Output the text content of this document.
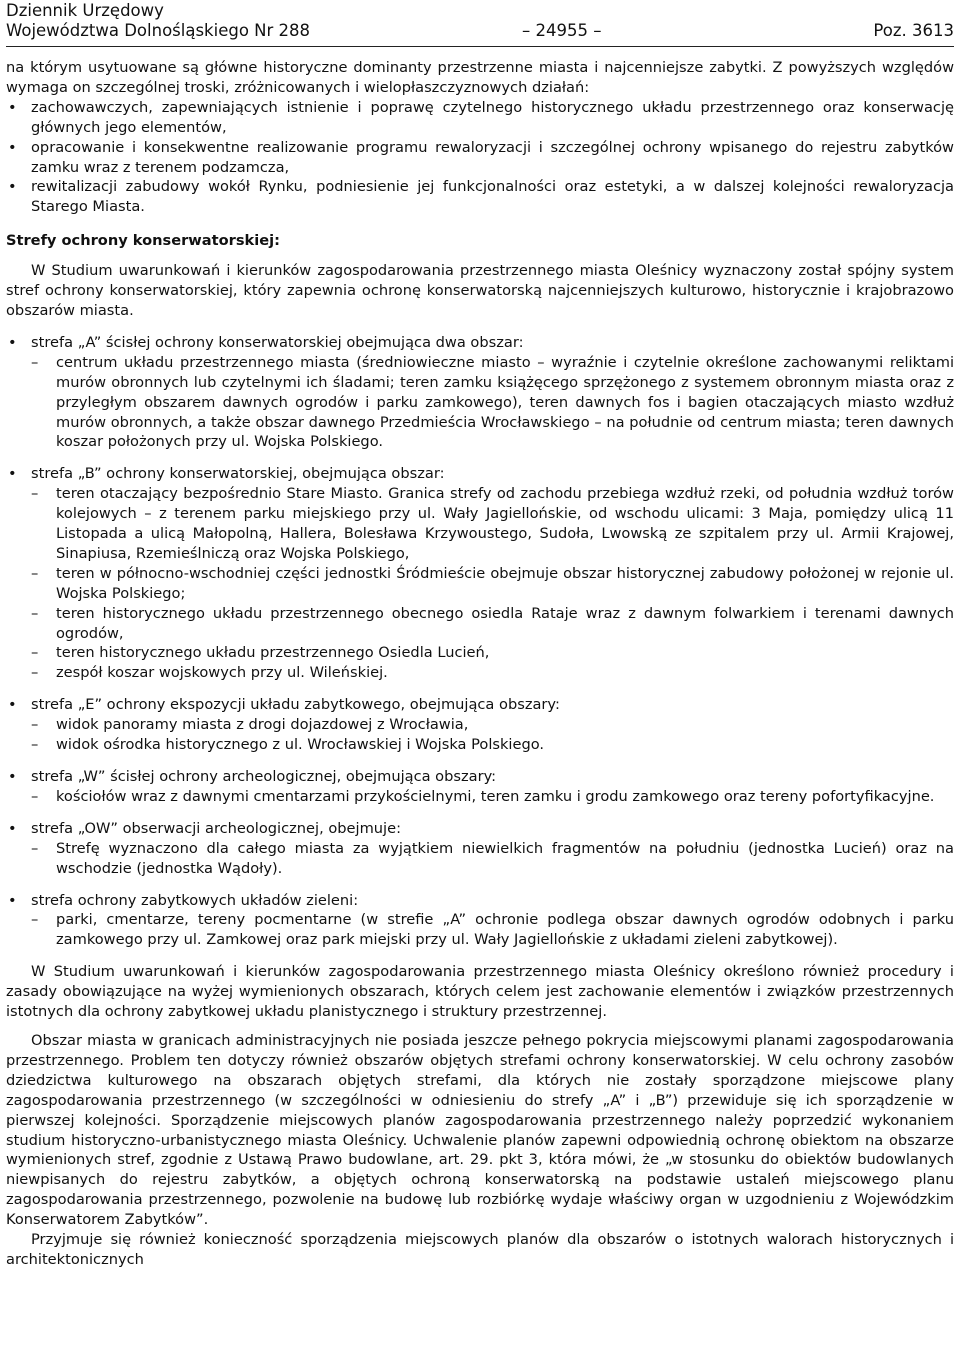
Dziennik Urzędowy
Województwa Dolnośląskiego Nr 288	– 24955 –	Poz. 3613

na którym usytuowane są główne historyczne dominanty przestrzenne miasta i najcenniejsze zabytki. Z powyższych względów wymaga on szczególnej troski, zróżnicowanych i wielopłaszczyznowych działań:

• zachowawczych, zapewniających istnienie i poprawę czytelnego historycznego układu przestrzennego oraz konserwację głównych jego elementów,

• opracowanie i konsekwentne realizowanie programu rewaloryzacji i szczególnej ochrony wpisanego do rejestru zabytków zamku wraz z terenem podzamcza,

• rewitalizacji zabudowy wokół Rynku, podniesienie jej funkcjonalności oraz estetyki, a w dalszej kolejności rewaloryzacja Starego Miasta.

Strefy ochrony konserwatorskiej:

W Studium uwarunkowań i kierunków zagospodarowania przestrzennego miasta Oleśnicy wyznaczony został spójny system stref ochrony konserwatorskiej, który zapewnia ochronę konserwatorską najcenniejszych kulturowo, historycznie i krajobrazowo obszarów miasta.

• strefa „A” ścisłej ochrony konserwatorskiej obejmująca dwa obszar:

– centrum układu przestrzennego miasta (średniowieczne miasto – wyraźnie i czytelnie określone zachowanymi reliktami murów obronnych lub czytelnymi ich śladami; teren zamku książęcego sprzężonego z systemem obronnym miasta oraz z przyległym obszarem dawnych ogrodów i parku zamkowego), teren dawnych fos i bagien otaczających miasto wzdłuż murów obronnych, a także obszar dawnego Przedmieścia Wrocławskiego – na południe od centrum miasta; teren dawnych koszar położonych przy ul. Wojska Polskiego.

• strefa „B” ochrony konserwatorskiej, obejmująca obszar:

– teren otaczający bezpośrednio Stare Miasto. Granica strefy od zachodu przebiega wzdłuż rzeki, od południa wzdłuż torów kolejowych – z terenem parku miejskiego przy ul. Wały Jagiellońskie, od wschodu ulicami: 3 Maja, pomiędzy ulicą 11 Listopada a ulicą Małopolną, Hallera, Bolesława Krzywoustego, Sudoła, Lwowską ze szpitalem przy ul. Armii Krajowej, Sinapiusa, Rzemieślniczą oraz Wojska Polskiego,

– teren w północno-wschodniej części jednostki Śródmieście obejmuje obszar historycznej zabudowy położonej w rejonie ul. Wojska Polskiego;

– teren historycznego układu przestrzennego obecnego osiedla Rataje wraz z dawnym folwarkiem i terenami dawnych ogrodów,

– teren historycznego układu przestrzennego Osiedla Lucień,

– zespół koszar wojskowych przy ul. Wileńskiej.

• strefa „E” ochrony ekspozycji układu zabytkowego, obejmująca obszary:

– widok panoramy miasta z drogi dojazdowej z Wrocławia,

– widok ośrodka historycznego z ul. Wrocławskiej i Wojska Polskiego.

• strefa „W” ścisłej ochrony archeologicznej, obejmująca obszary:

– kościołów wraz z dawnymi cmentarzami przykościelnymi, teren zamku i grodu zamkowego oraz tereny pofortyfikacyjne.

• strefa „OW” obserwacji archeologicznej, obejmuje:

– Strefę wyznaczono dla całego miasta za wyjątkiem niewielkich fragmentów na południu (jednostka Lucień) oraz na wschodzie (jednostka Wądoły).

• strefa ochrony zabytkowych układów zieleni:

– parki, cmentarze, tereny pocmentarne (w strefie „A” ochronie podlega obszar dawnych ogrodów odobnych i parku zamkowego przy ul. Zamkowej oraz park miejski przy ul. Wały Jagiellońskie z układami zieleni zabytkowej).

W Studium uwarunkowań i kierunków zagospodarowania przestrzennego miasta Oleśnicy określono również procedury i zasady obowiązujące na wyżej wymienionych obszarach, których celem jest zachowanie elementów i związków przestrzennych istotnych dla ochrony zabytkowej układu planistycznego i struktury przestrzennej.

Obszar miasta w granicach administracyjnych nie posiada jeszcze pełnego pokrycia miejscowymi planami zagospodarowania przestrzennego. Problem ten dotyczy również obszarów objętych strefami ochrony konserwatorskiej. W celu ochrony zasobów dziedzictwa kulturowego na obszarach objętych strefami, dla których nie zostały sporządzone miejscowe plany zagospodarowania przestrzennego (w szczególności w odniesieniu do strefy „A” i „B”) przewiduje się ich sporządzenie w pierwszej kolejności. Sporządzenie miejscowych planów zagospodarowania przestrzennego należy poprzedzić wykonaniem studium historyczno-urbanistycznego miasta Oleśnicy. Uchwalenie planów zapewni odpowiednią ochronę obiektom na obszarze wymienionych stref, zgodnie z Ustawą Prawo budowlane, art. 29. pkt 3, która mówi, że „w stosunku do obiektów budowlanych niewpisanych do rejestru zabytków, a objętych ochroną konserwatorską na podstawie ustaleń miejscowego planu zagospodarowania przestrzennego, pozwolenie na budowę lub rozbiórkę wydaje właściwy organ w uzgodnieniu z Wojewódzkim Konserwatorem Zabytków”.

Przyjmuje się również konieczność sporządzenia miejscowych planów dla obszarów o istotnych walorach historycznych i architektonicznych
